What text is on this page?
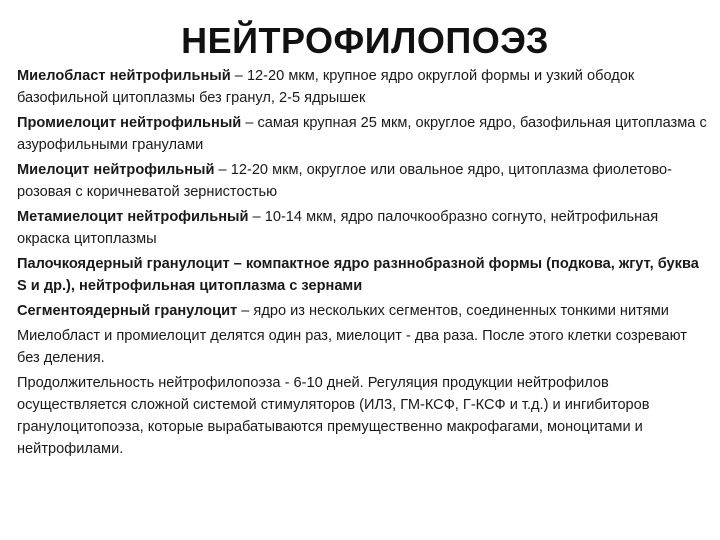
НЕЙТРОФИЛОПОЭЗ

Миелобласт нейтрофильный – 12-20 мкм, крупное ядро округлой формы и узкий ободок базофильной цитоплазмы без гранул, 2-5 ядрышек

Промиелоцит нейтрофильный – самая крупная 25 мкм, округлое ядро, базофильная цитоплазма с азурофильными гранулами

Миелоцит нейтрофильный – 12-20 мкм, округлое или овальное ядро, цитоплазма фиолетово-розовая с коричневатой зернистостью

Метамиелоцит нейтрофильный – 10-14 мкм, ядро палочкообразно согнуто, нейтрофильная окраска цитоплазмы

Палочкоядерный гранулоцит – компактное ядро разннобразной формы (подкова, жгут, буква S и др.), нейтрофильная цитоплазма с зернами

Сегментоядерный гранулоцит – ядро из нескольких сегментов, соединенных тонкими нитями

Миелобласт и промиелоцит делятся один раз, миелоцит - два раза. После этого клетки созревают без деления.

Продолжительность нейтрофилопоэза - 6-10 дней. Регуляция продукции нейтрофилов осуществляется сложной системой стимуляторов (ИЛ3, ГМ-КСФ, Г-КСФ и т.д.) и ингибиторов гранулоцитопоэза, которые вырабатываются премущественно макрофагами, моноцитами и нейтрофилами.
